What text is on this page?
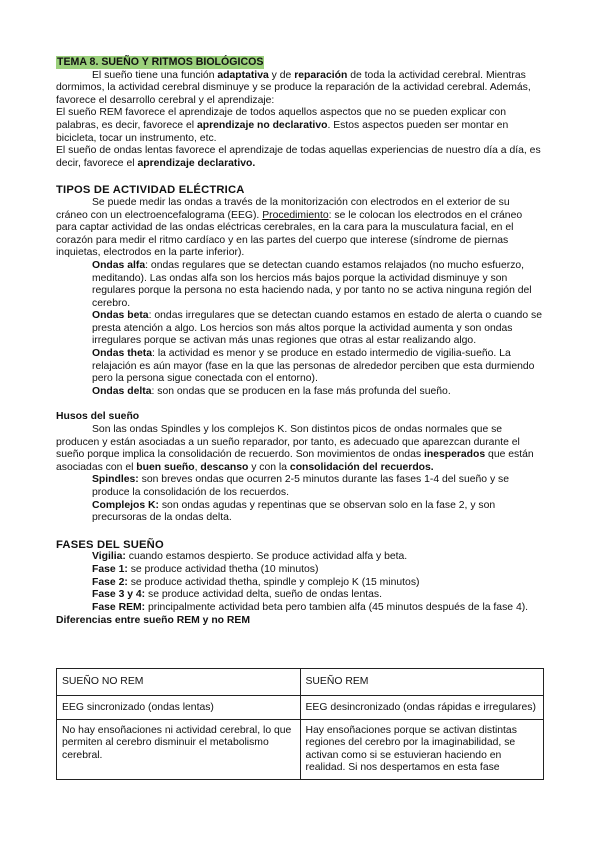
TEMA 8. SUEÑO Y RITMOS BIOLÓGICOS

El sueño tiene una función adaptativa y de reparación de toda la actividad cerebral. Mientras dormimos, la actividad cerebral disminuye y se produce la reparación de la actividad cerebral. Además, favorece el desarrollo cerebral y el aprendizaje:

El sueño REM favorece el aprendizaje de todos aquellos aspectos que no se pueden explicar con palabras, es decir, favorece el aprendizaje no declarativo. Estos aspectos pueden ser montar en bicicleta, tocar un instrumento, etc.

El sueño de ondas lentas favorece el aprendizaje de todas aquellas experiencias de nuestro día a día, es decir, favorece el aprendizaje declarativo.

TIPOS DE ACTIVIDAD ELÉCTRICA

Se puede medir las ondas a través de la monitorización con electrodos en el exterior de su cráneo con un electroencefalograma (EEG). Procedimiento: se le colocan los electrodos en el cráneo para captar actividad de las ondas eléctricas cerebrales, en la cara para la musculatura facial, en el corazón para medir el ritmo cardíaco y en las partes del cuerpo que interese (síndrome de piernas inquietas, electrodos en la parte inferior).

Ondas alfa: ondas regulares que se detectan cuando estamos relajados (no mucho esfuerzo, meditando). Las ondas alfa son los hercios más bajos porque la actividad disminuye y son regulares porque la persona no esta haciendo nada, y por tanto no se activa ninguna región del cerebro.

Ondas beta: ondas irregulares que se detectan cuando estamos en estado de alerta o cuando se presta atención a algo. Los hercios son más altos porque la actividad aumenta y son ondas irregulares porque se activan más unas regiones que otras al estar realizando algo.

Ondas theta: la actividad es menor y se produce en estado intermedio de vigilia-sueño. La relajación es aún mayor (fase en la que las personas de alrededor perciben que esta durmiendo pero la persona sigue conectada con el entorno).

Ondas delta: son ondas que se producen en la fase más profunda del sueño.

Husos del sueño

Son las ondas Spindles y los complejos K. Son distintos picos de ondas normales que se producen y están asociadas a un sueño reparador, por tanto, es adecuado que aparezcan durante el sueño porque implica la consolidación de recuerdo. Son movimientos de ondas inesperados que están asociadas con el buen sueño, descanso y con la consolidación del recuerdos.

Spindles: son breves ondas que ocurren 2-5 minutos durante las fases 1-4 del sueño y se produce la consolidación de los recuerdos.

Complejos K: son ondas agudas y repentinas que se observan solo en la fase 2, y son precursoras de la ondas delta.

FASES DEL SUEÑO

Vigilia: cuando estamos despierto. Se produce actividad alfa y beta.

Fase 1: se produce actividad thetha (10 minutos)

Fase 2: se produce actividad thetha, spindle y complejo K (15 minutos)

Fase 3 y 4: se produce actividad delta, sueño de ondas lentas.

Fase REM: principalmente actividad beta pero tambien alfa (45 minutos después de la fase 4).

Diferencias entre sueño REM y no REM
SUEÑO NO REM	SUEÑO REM
EEG sincronizado (ondas lentas)	EEG desincronizado (ondas rápidas e irregulares)
No hay ensoñaciones ni actividad cerebral, lo que permiten al cerebro disminuir el metabolismo cerebral.	Hay ensoñaciones porque se activan distintas regiones del cerebro por la imaginabilidad, se activan como si se estuvieran haciendo en realidad. Si nos despertamos en esta fase
